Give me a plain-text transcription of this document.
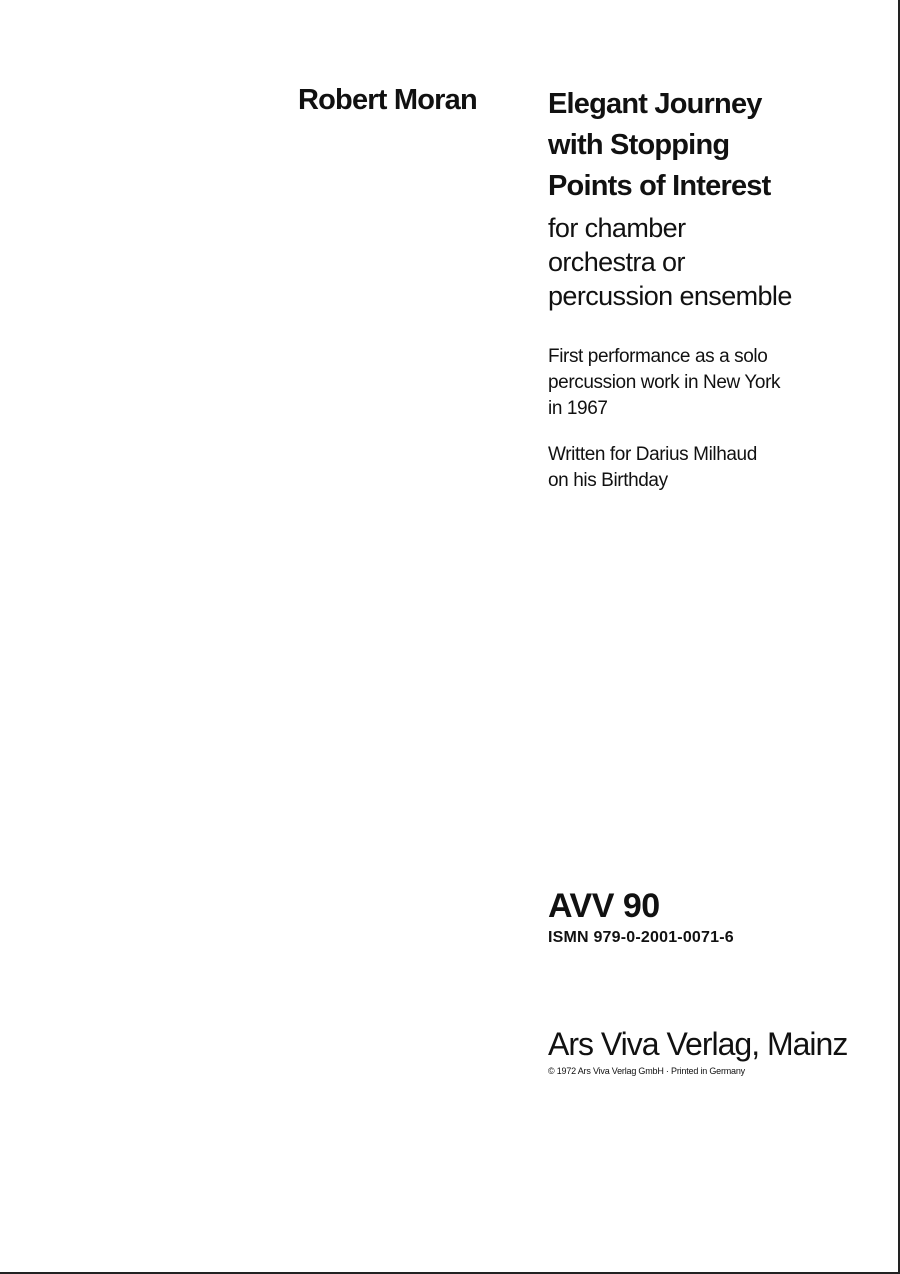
Robert Moran Elegant Journey
with Stopping
Points of Interest
for chamber
orchestra or
percussion ensemble
First performance as a solo
percussion work in New York
in 1967
Written for Darius Milhaud
on his Birthday
AVV 90
ISMN 979-0-2001-0071-6
Ars Viva Verlag, Mainz
© 1972 Ars Viva Verlag GmbH · Printed in Germany
